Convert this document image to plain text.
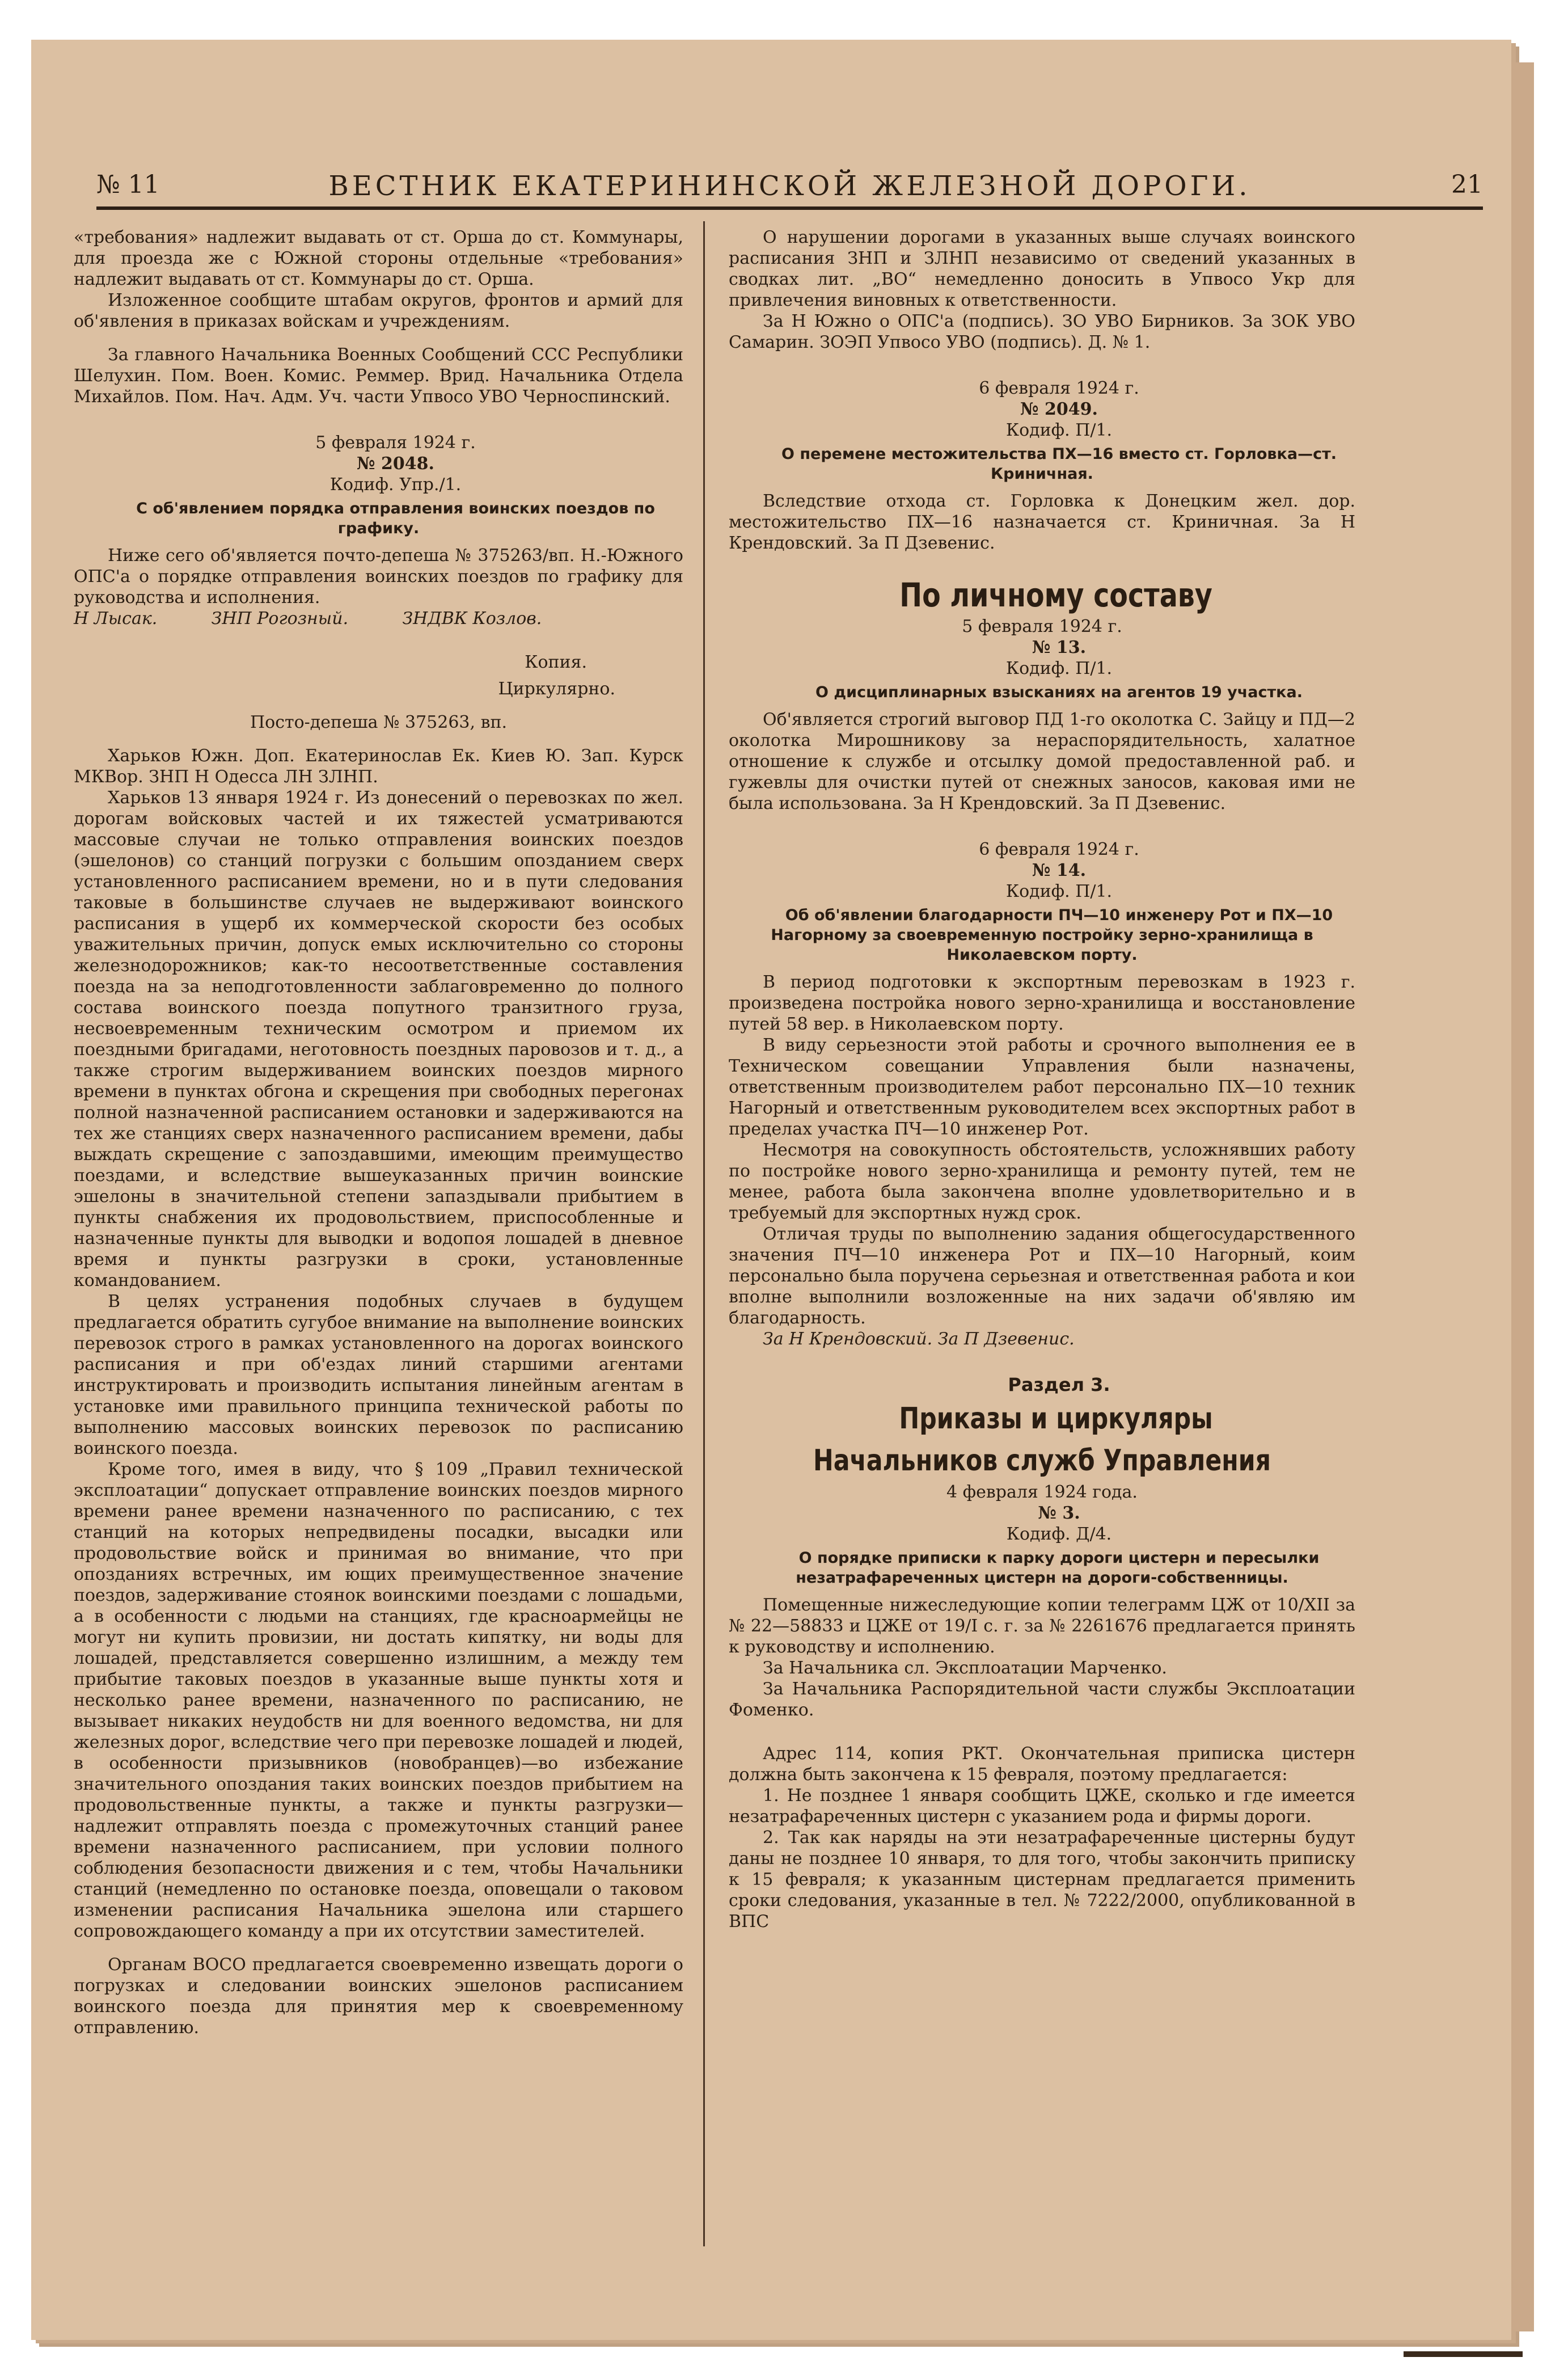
№ 11	ВЕСТНИК ЕКАТЕРИНИНСКОЙ ЖЕЛЕЗНОЙ ДОРОГИ.	21

«требования» надлежит выдавать от ст. Орша до ст. Коммунары, для проезда же с Южной стороны отдельные «требования» надлежит выдавать от ст. Коммунары до ст. Орша.

Изложенное сообщите штабам округов, фронтов и армий для об'явления в приказах войскам и учреждениям.

За главного Начальника Военных Сообщений ССС Республики Шелухин. Пом. Воен. Комис. Реммер. Врид. Начальника Отдела Михайлов. Пом. Нач. Адм. Уч. части Упвосо УВО Черноспинский.

5 февраля 1924 г.

№ 2048.

Кодиф. Упр./1.

С об'явлением порядка отправления воинских поездов по графику.

Ниже сего об'является почто-депеша № 375263/вп. Н.-Южного ОПС'а о порядке отправления воинских поездов по графику для руководства и исполнения.

Н Лысак.          ЗНП Рогозный.          ЗНДВК Козлов.

Копия.

Циркулярно.

Посто-депеша № 375263, вп.

Харьков Южн. Доп. Екатеринослав Ек. Киев Ю. Зап. Курск МКВор. ЗНП Н Одесса ЛН ЗЛНП.

Харьков 13 января 1924 г. Из донесений о перевозках по жел. дорогам войсковых частей и их тяжестей усматриваются массовые случаи не только отправления воинских поездов (эшелонов) со станций погрузки с большим опозданием сверх установленного расписанием времени, но и в пути следования таковые в большинстве случаев не выдерживают воинского расписания в ущерб их коммерческой скорости без особых уважительных причин, допуск емых исключительно со стороны железнодорожников; как-то несоответственные составления поезда на за неподготовленности заблаговременно до полного состава воинского поезда попутного транзитного груза, несвоевременным техническим осмотром и приемом их поездными бригадами, неготовность поездных паровозов и т. д., а также строгим выдерживанием воинских поездов мирного времени в пунктах обгона и скрещения при свободных перегонах полной назначенной расписанием остановки и задерживаются на тех же станциях сверх назначенного расписанием времени, дабы выждать скрещение с запоздавшими, имеющим преимущество поездами, и вследствие вышеуказанных причин воинские эшелоны в значительной степени запаздывали прибытием в пункты снабжения их продовольствием, приспособленные и назначенные пункты для выводки и водопоя лошадей в дневное время и пункты разгрузки в сроки, установленные командованием.

В целях устранения подобных случаев в будущем предлагается обратить сугубое внимание на выполнение воинских перевозок строго в рамках установленного на дорогах воинского расписания и при об'ездах линий старшими агентами инструктировать и производить испытания линейным агентам в установке ими правильного принципа технической работы по выполнению массовых воинских перевозок по расписанию воинского поезда.

Кроме того, имея в виду, что § 109 „Правил технической эксплоатации“ допускает отправление воинских поездов мирного времени ранее времени назначенного по расписанию, с тех станций на которых непредвидены посадки, высадки или продовольствие войск и принимая во внимание, что при опозданиях встречных, им ющих преимущественное значение поездов, задерживание стоянок воинскими поездами с лошадьми, а в особенности с людьми на станциях, где красноармейцы не могут ни купить провизии, ни достать кипятку, ни воды для лошадей, представляется совершенно излишним, а между тем прибытие таковых поездов в указанные выше пункты хотя и несколько ранее времени, назначенного по расписанию, не вызывает никаких неудобств ни для военного ведомства, ни для железных дорог, вследствие чего при перевозке лошадей и людей, в особенности призывников (новобранцев)—во избежание значительного опоздания таких воинских поездов прибытием на продовольственные пункты, а также и пункты разгрузки—надлежит отправлять поезда с промежуточных станций ранее времени назначенного расписанием, при условии полного соблюдения безопасности движения и с тем, чтобы Начальники станций (немедленно по остановке поезда, оповещали о таковом изменении расписания Начальника эшелона или старшего сопровождающего команду а при их отсутствии заместителей.

Органам ВОСО предлагается своевременно извещать дороги о погрузках и следовании воинских эшелонов расписанием воинского поезда для принятия мер к своевременному отправлению.

О нарушении дорогами в указанных выше случаях воинского расписания ЗНП и ЗЛНП независимо от сведений указанных в сводках лит. „ВО“ немедленно доносить в Упвосо Укр для привлечения виновных к ответственности.

За Н Южно о ОПС'а (подпись). ЗО УВО Бирников. За ЗОК УВО Самарин. ЗОЭП Упвосо УВО (подпись). Д. № 1.

6 февраля 1924 г.

№ 2049.

Кодиф. П/1.

О перемене местожительства ПХ—16 вместо ст. Горловка—ст. Криничная.

Вследствие отхода ст. Горловка к Донецким жел. дор. местожительство ПХ—16 назначается ст. Криничная. За Н Крендовский. За П Дзевенис.

По личному составу

5 февраля 1924 г.

№ 13.

Кодиф. П/1.

О дисциплинарных взысканиях на агентов 19 участка.

Об'является строгий выговор ПД 1-го околотка С. Зайцу и ПД—2 околотка Мирошникову за нераспорядительность, халатное отношение к службе и отсылку домой предоставленной раб. и гужевлы для очистки путей от снежных заносов, каковая ими не была использована. За Н Крендовский. За П Дзевенис.

6 февраля 1924 г.

№ 14.

Кодиф. П/1.

Об об'явлении благодарности ПЧ—10 инженеру Рот и ПХ—10 Нагорному за своевременную постройку зерно-хранилища в Николаевском порту.

В период подготовки к экспортным перевозкам в 1923 г. произведена постройка нового зерно-хранилища и восстановление путей 58 вер. в Николаевском порту.

В виду серьезности этой работы и срочного выполнения ее в Техническом совещании Управления были назначены, ответственным производителем работ персонально ПХ—10 техник Нагорный и ответственным руководителем всех экспортных работ в пределах участка ПЧ—10 инженер Рот.

Несмотря на совокупность обстоятельств, усложнявших работу по постройке нового зерно-хранилища и ремонту путей, тем не менее, работа была закончена вполне удовлетворительно и в требуемый для экспортных нужд срок.

Отличая труды по выполнению задания общегосударственного значения ПЧ—10 инженера Рот и ПХ—10 Нагорный, коим персонально была поручена серьезная и ответственная работа и кои вполне выполнили возложенные на них задачи об'являю им благодарность.

За Н Крендовский. За П Дзевенис.

Раздел 3.

Приказы и циркуляры Начальников служб Управления

4 февраля 1924 года.

№ 3.

Кодиф. Д/4.

О порядке приписки к парку дороги цистерн и пересылки незатрафареченных цистерн на дороги-собственницы.

Помещенные нижеследующие копии телеграмм ЦЖ от 10/XII за № 22—58833 и ЦЖЕ от 19/I с. г. за № 2261676 предлагается принять к руководству и исполнению.

За Начальника сл. Эксплоатации Марченко.

За Начальника Распорядительной части службы Эксплоатации Фоменко.

Адрес 114, копия РКТ. Окончательная приписка цистерн должна быть закончена к 15 февраля, поэтому предлагается:

1. Не позднее 1 января сообщить ЦЖЕ, сколько и где имеется незатрафареченных цистерн с указанием рода и фирмы дороги.

2. Так как наряды на эти незатрафареченные цистерны будут даны не позднее 10 января, то для того, чтобы закончить приписку к 15 февраля; к указанным цистернам предлагается применить сроки следования, указанные в тел. № 7222/2000, опубликованной в ВПС
